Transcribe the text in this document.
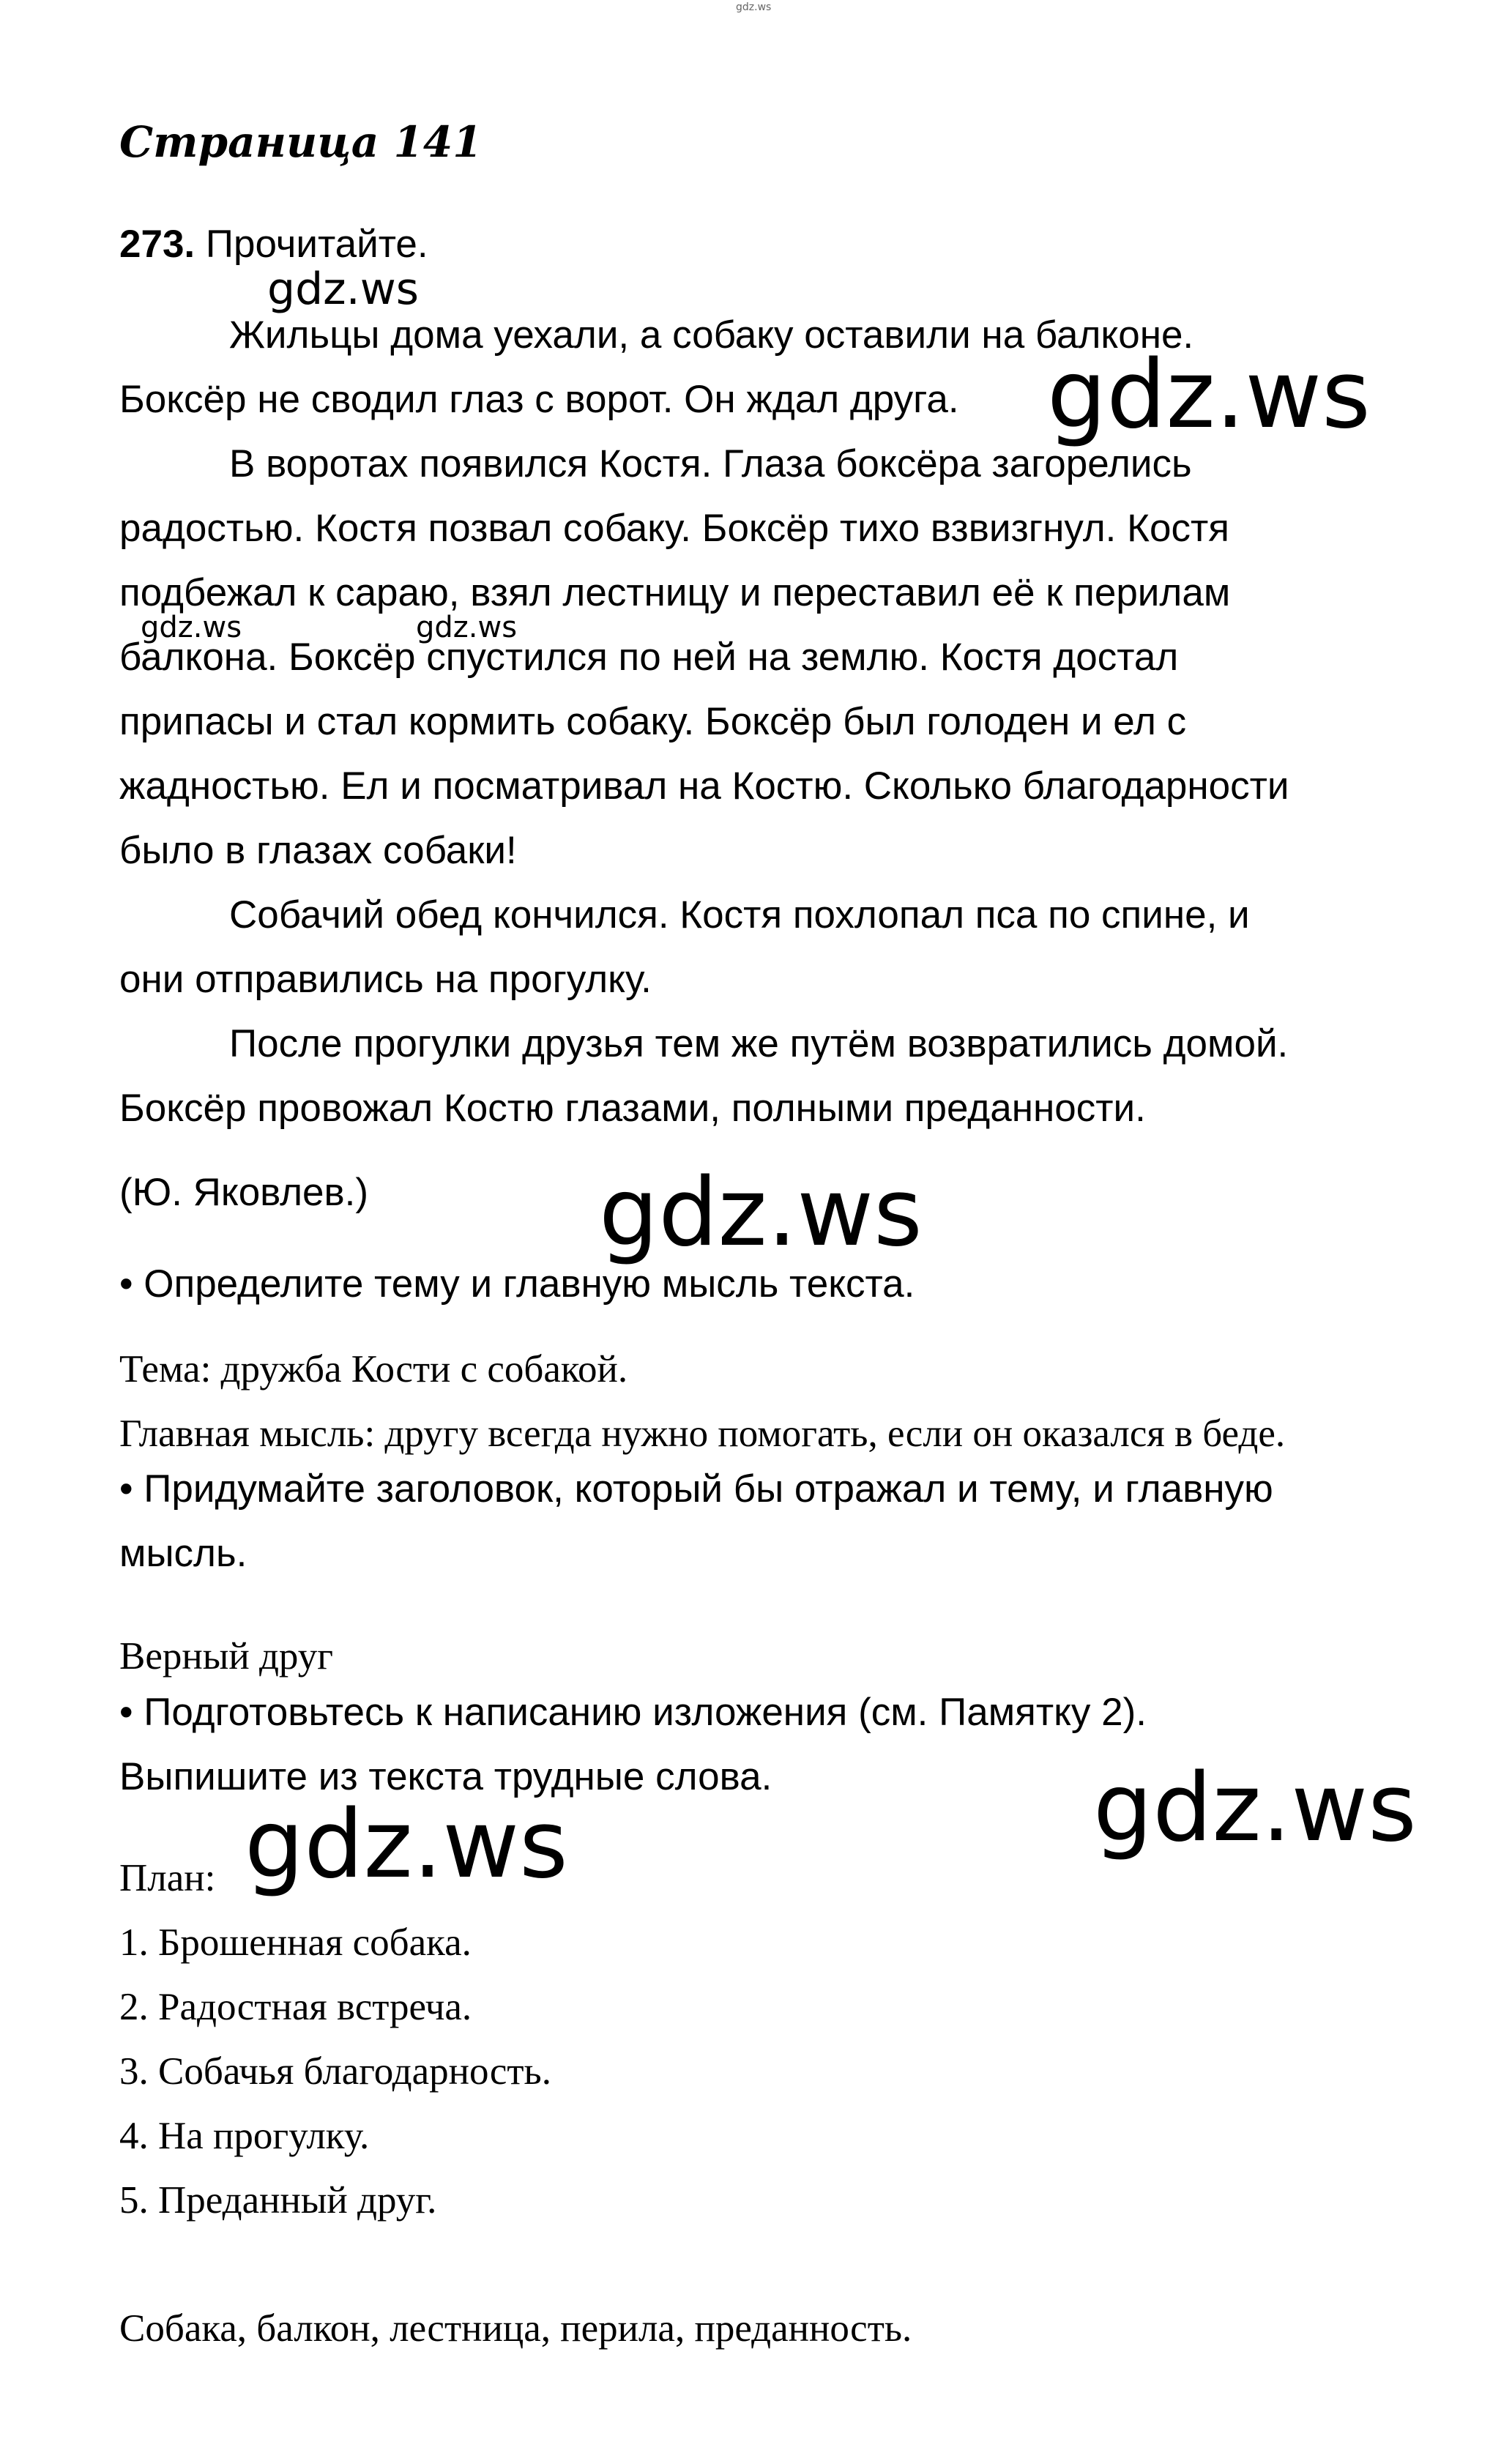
gdz.ws
gdz.ws
gdz.ws
gdz.ws	gdz.ws
gdz.ws
gdz.ws
gdz.ws
Страница 141
273. Прочитайте.

Жильцы дома уехали, а собаку оставили на балконе.

Боксёр не сводил глаз с ворот. Он ждал друга.

В воротах появился Костя. Глаза боксёра загорелись

радостью. Костя позвал собаку. Боксёр тихо взвизгнул. Костя

подбежал к сараю, взял лестницу и переставил её к перилам

балкона. Боксёр спустился по ней на землю. Костя достал

припасы и стал кормить собаку. Боксёр был голоден и ел с

жадностью. Ел и посматривал на Костю. Сколько благодарности

было в глазах собаки!

Собачий обед кончился. Костя похлопал пса по спине, и

они отправились на прогулку.

После прогулки друзья тем же путём возвратились домой.

Боксёр провожал Костю глазами, полными преданности.

(Ю. Яковлев.)
• Определите тему и главную мысль текста.
Тема: дружба Кости с собакой.
Главная мысль: другу всегда нужно помогать, если он оказался в беде.
• Придумайте заголовок, который бы отражал и тему, и главную
мысль.
Верный друг
• Подготовьтесь к написанию изложения (см. Памятку 2).
Выпишите из текста трудные слова.
План:
1. Брошенная собака.
2. Радостная встреча.
3. Собачья благодарность.
4. На прогулку.
5. Преданный друг.
Собака, балкон, лестница, перила, преданность.
